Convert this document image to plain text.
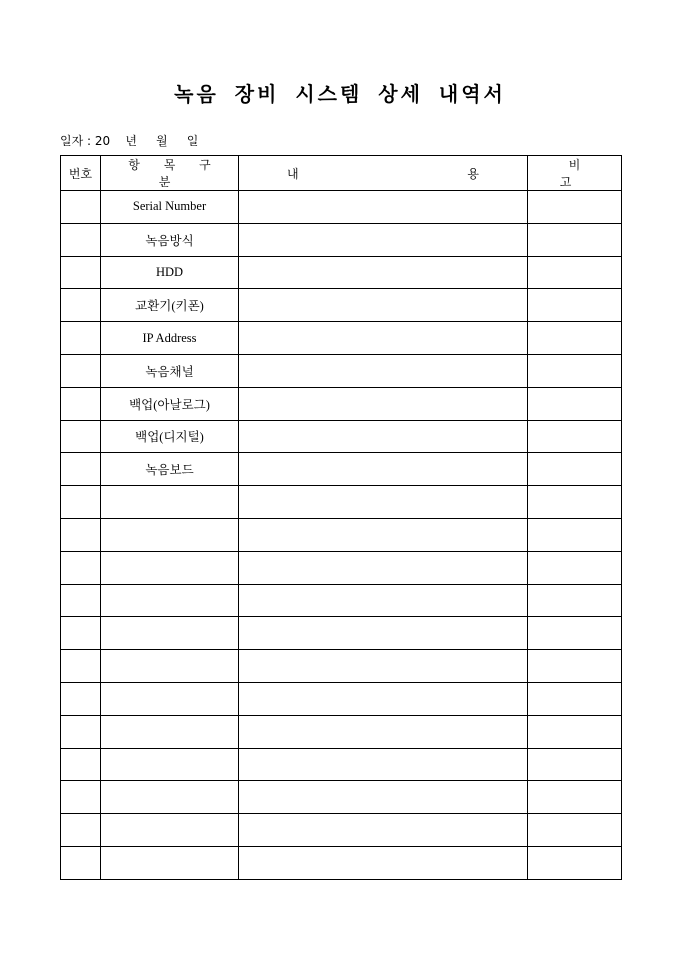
녹음 장비 시스템 상세 내역서
일자 : 20    년     월     일
번호	항 목 구 분	내 용	비 고
	Serial Number		
	녹음방식		
	HDD		
	교환기(키폰)		
	IP Address		
	녹음채널		
	백업(아날로그)		
	백업(디지털)		
	녹음보드		
